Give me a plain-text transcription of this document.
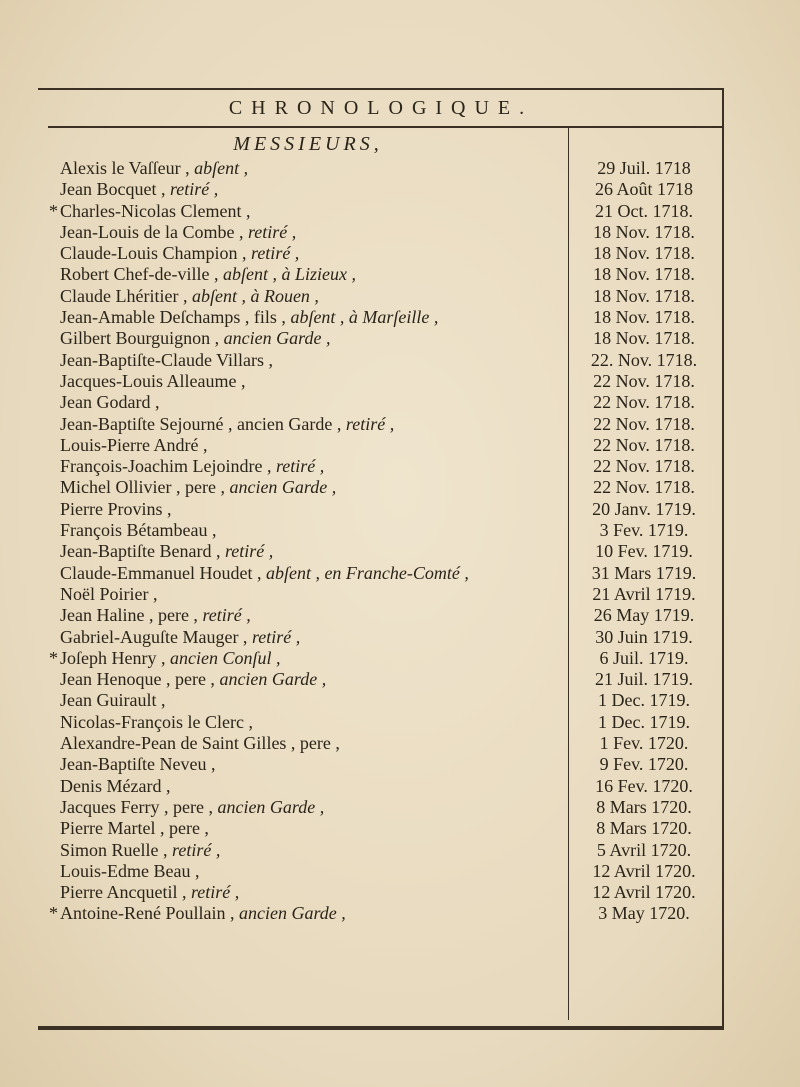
CHRONOLOGIQUE.
MESSIEURS,
Alexis le Vaſſeur , abſent ,	29 Juil. 1718
Jean Bocquet , retiré ,	26 Août 1718
* Charles-Nicolas Clement ,	21 Oct. 1718.
Jean-Louis de la Combe , retiré ,	18 Nov. 1718.
Claude-Louis Champion , retiré ,	18 Nov. 1718.
Robert Chef-de-ville , abſent , à Lizieux ,	18 Nov. 1718.
Claude Lhéritier , abſent , à Rouen ,	18 Nov. 1718.
Jean-Amable Deſchamps , fils , abſent , à Marſeille ,	18 Nov. 1718.
Gilbert Bourguignon , ancien Garde ,	18 Nov. 1718.
Jean-Baptiſte-Claude Villars ,	22. Nov. 1718.
Jacques-Louis Alleaume ,	22 Nov. 1718.
Jean Godard ,	22 Nov. 1718.
Jean-Baptiſte Sejourné , ancien Garde , retiré ,	22 Nov. 1718.
Louis-Pierre André ,	22 Nov. 1718.
François-Joachim Lejoindre , retiré ,	22 Nov. 1718.
Michel Ollivier , pere , ancien Garde ,	22 Nov. 1718.
Pierre Provins ,	20 Janv. 1719.
François Bétambeau ,	3 Fev. 1719.
Jean-Baptiſte Benard , retiré ,	10 Fev. 1719.
Claude-Emmanuel Houdet , abſent , en Franche-Comté ,	31 Mars 1719.
Noël Poirier ,	21 Avril 1719.
Jean Haline , pere , retiré ,	26 May 1719.
Gabriel-Auguſte Mauger , retiré ,	30 Juin 1719.
* Joſeph Henry , ancien Conſul ,	6 Juil. 1719.
Jean Henoque , pere , ancien Garde ,	21 Juil. 1719.
Jean Guirault ,	1 Dec. 1719.
Nicolas-François le Clerc ,	1 Dec. 1719.
Alexandre-Pean de Saint Gilles , pere ,	1 Fev. 1720.
Jean-Baptiſte Neveu ,	9 Fev. 1720.
Denis Mézard ,	16 Fev. 1720.
Jacques Ferry , pere , ancien Garde ,	8 Mars 1720.
Pierre Martel , pere ,	8 Mars 1720.
Simon Ruelle , retiré ,	5 Avril 1720.
Louis-Edme Beau ,	12 Avril 1720.
Pierre Ancquetil , retiré ,	12 Avril 1720.
* Antoine-René Poullain , ancien Garde ,	3 May 1720.
